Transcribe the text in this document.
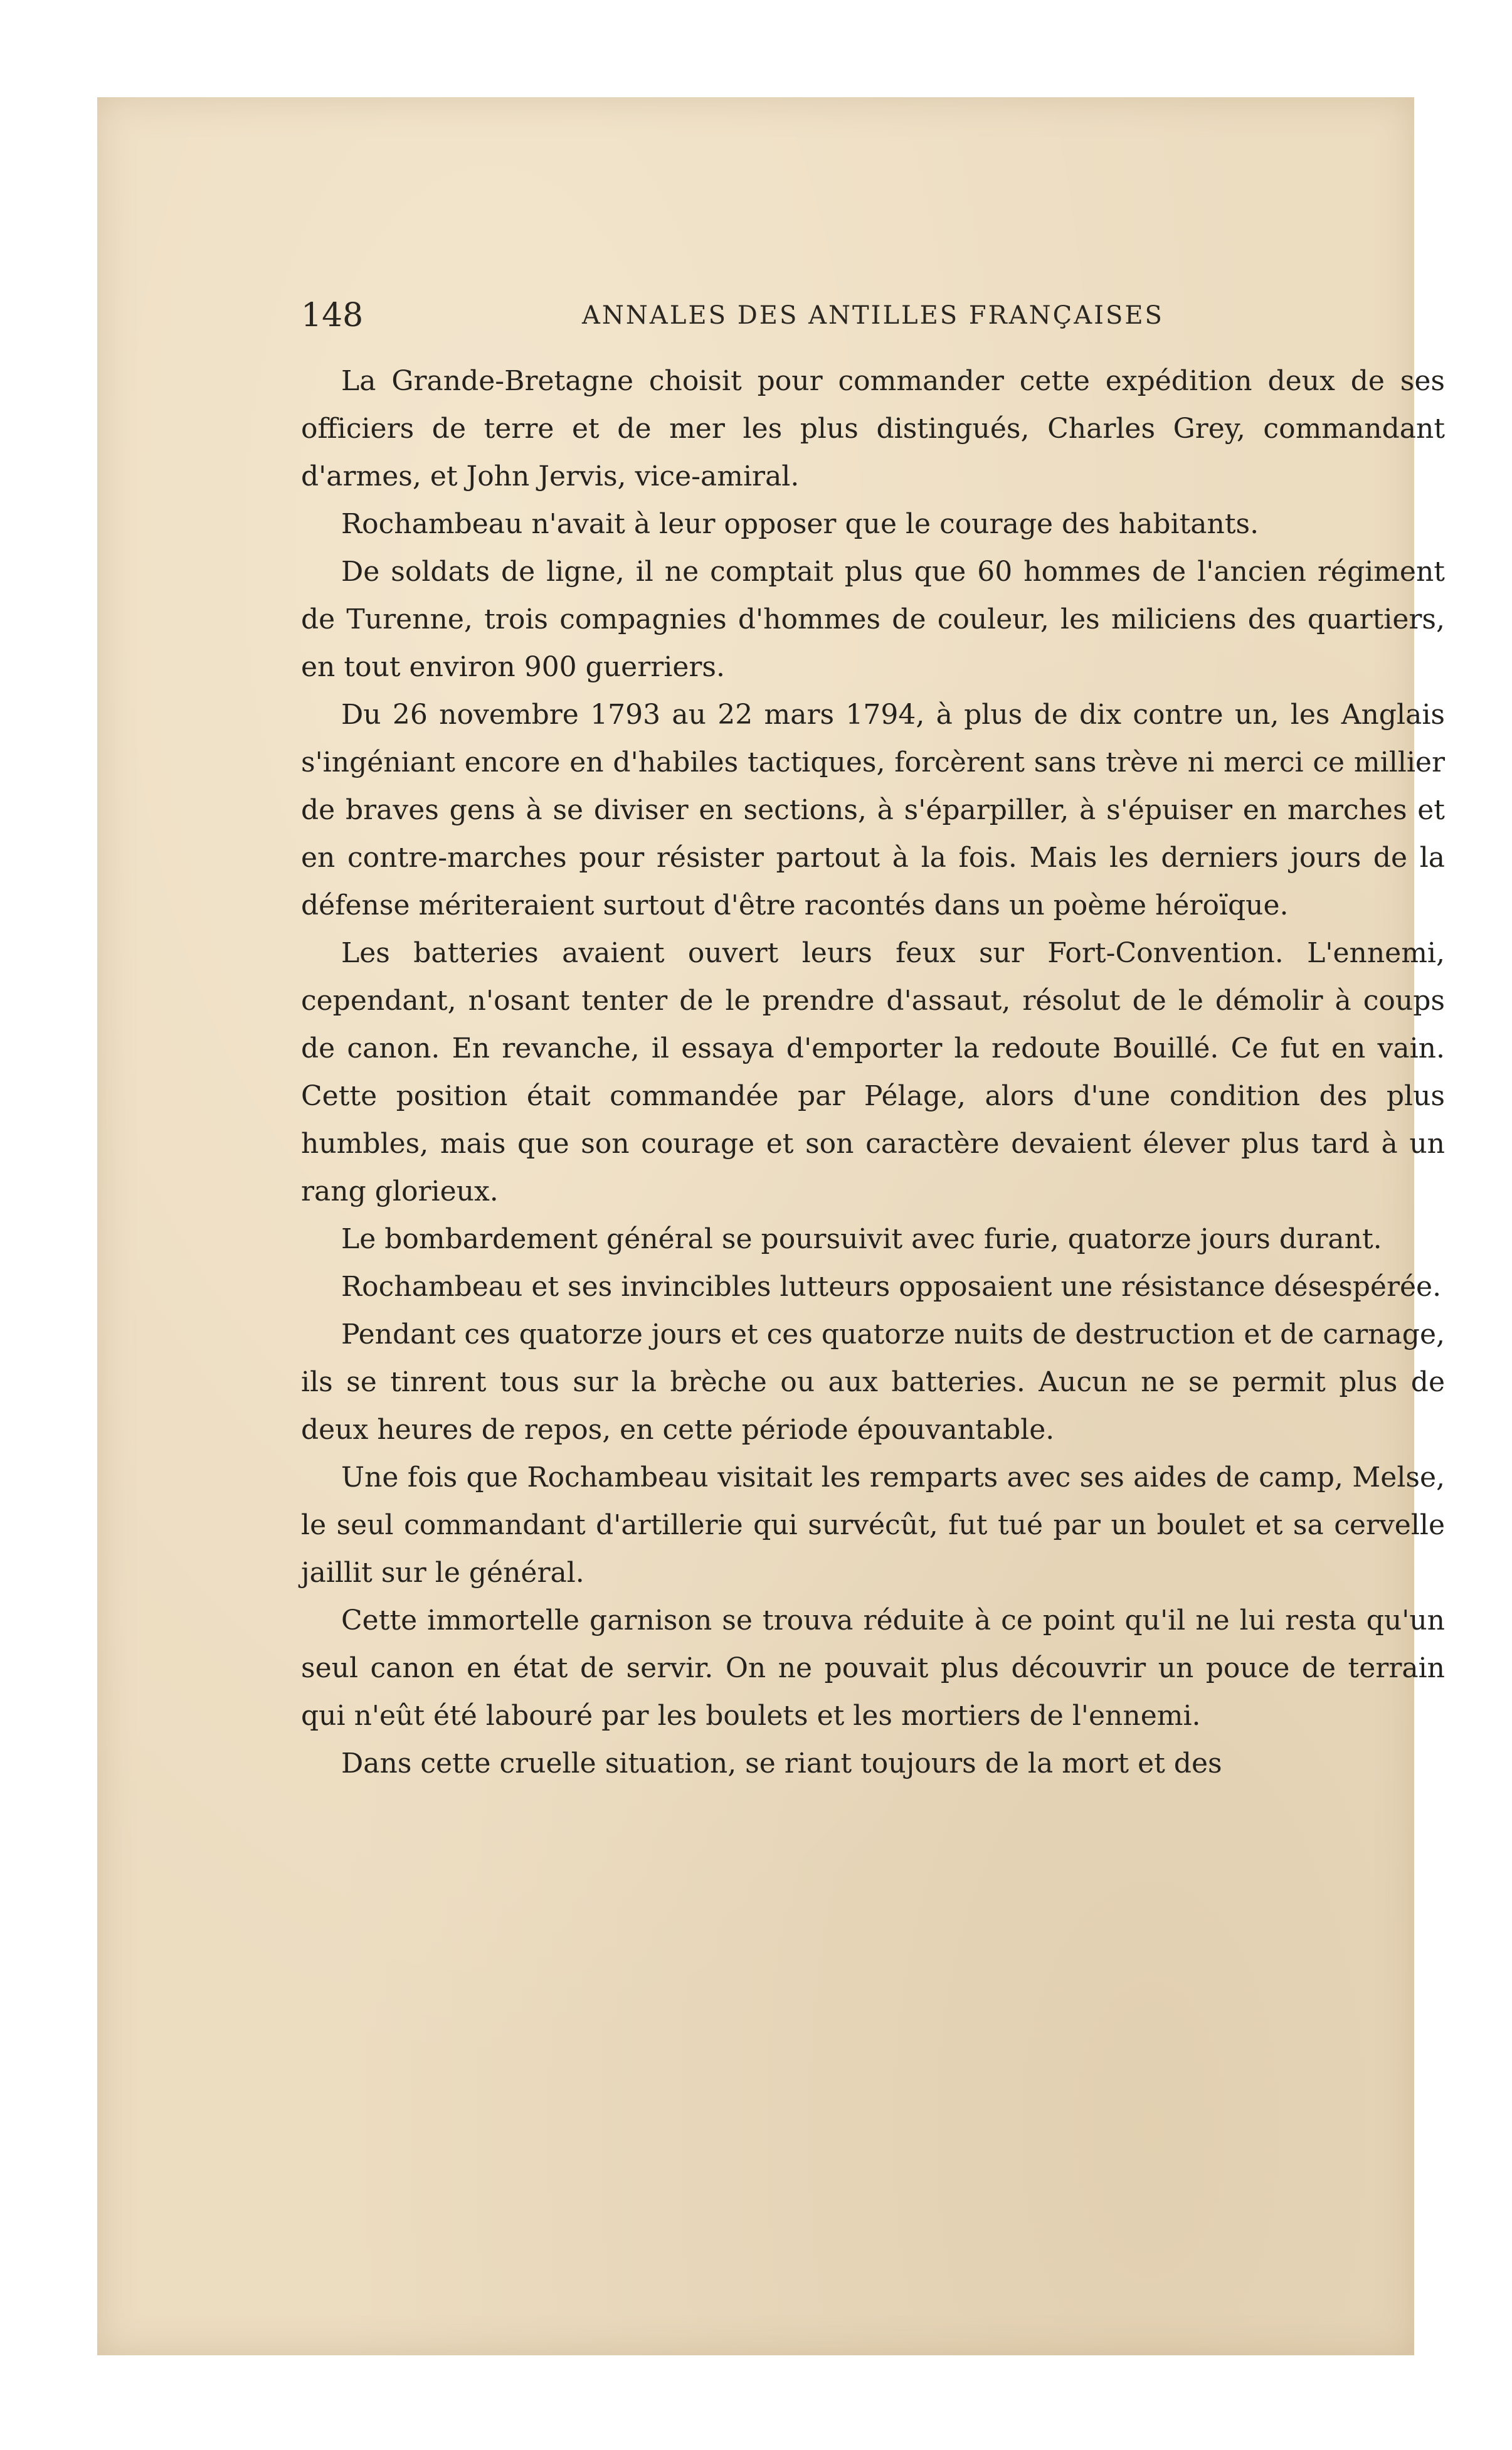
148	ANNALES DES ANTILLES FRANÇAISES

La Grande-Bretagne choisit pour commander cette expédition deux de ses officiers de terre et de mer les plus distingués, Charles Grey, commandant d'armes, et John Jervis, vice-amiral.

Rochambeau n'avait à leur opposer que le courage des habitants.

De soldats de ligne, il ne comptait plus que 60 hommes de l'ancien régiment de Turenne, trois compagnies d'hommes de couleur, les miliciens des quartiers, en tout environ 900 guerriers.

Du 26 novembre 1793 au 22 mars 1794, à plus de dix contre un, les Anglais s'ingéniant encore en d'habiles tactiques, forcèrent sans trève ni merci ce millier de braves gens à se diviser en sections, à s'éparpiller, à s'épuiser en marches et en contre-marches pour résister partout à la fois. Mais les derniers jours de la défense mériteraient surtout d'être racontés dans un poème héroïque.

Les batteries avaient ouvert leurs feux sur Fort-Convention. L'ennemi, cependant, n'osant tenter de le prendre d'assaut, résolut de le démolir à coups de canon. En revanche, il essaya d'emporter la redoute Bouillé. Ce fut en vain. Cette position était commandée par Pélage, alors d'une condition des plus humbles, mais que son courage et son caractère devaient élever plus tard à un rang glorieux.

Le bombardement général se poursuivit avec furie, quatorze jours durant.

Rochambeau et ses invincibles lutteurs opposaient une résistance désespérée.

Pendant ces quatorze jours et ces quatorze nuits de destruction et de carnage, ils se tinrent tous sur la brèche ou aux batteries. Aucun ne se permit plus de deux heures de repos, en cette période épouvantable.

Une fois que Rochambeau visitait les remparts avec ses aides de camp, Melse, le seul commandant d'artillerie qui survécût, fut tué par un boulet et sa cervelle jaillit sur le général.

Cette immortelle garnison se trouva réduite à ce point qu'il ne lui resta qu'un seul canon en état de servir. On ne pouvait plus découvrir un pouce de terrain qui n'eût été labouré par les boulets et les mortiers de l'ennemi.

Dans cette cruelle situation, se riant toujours de la mort et des
